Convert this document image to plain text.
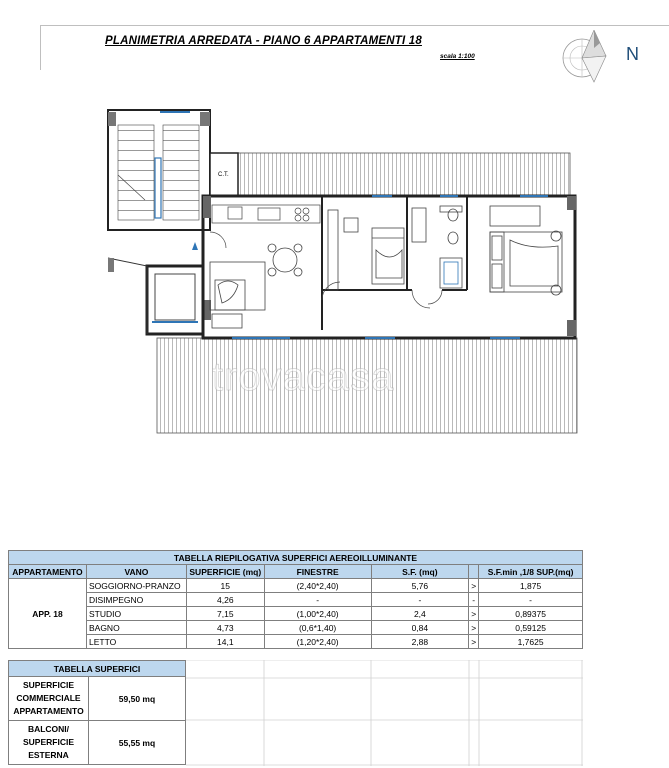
PLANIMETRIA ARREDATA - PIANO 6 APPARTAMENTI 18
scala 1:100	N
C.T.
trovacasa
TABELLA RIEPILOGATIVA SUPERFICI AEREOILLUMINANTE						
APPARTAMENTO	VANO	SUPERFICIE (mq)	FINESTRE	S.F. (mq)		S.F.min ,1/8 SUP.(mq)
APP. 18	SOGGIORNO-PRANZO	15	(2,40*2,40)	5,76	>	1,875
	DISIMPEGNO	4,26	-	-	-	-
	STUDIO	7,15	(1,00*2,40)	2,4	>	0,89375
	BAGNO	4,73	(0,6*1,40)	0,84	>	0,59125
	LETTO	14,1	(1,20*2,40)	2,88	>	1,7625
TABELLA SUPERFICI	
SUPERFICIE COMMERCIALE APPARTAMENTO	59,50 mq
BALCONI/ SUPERFICIE ESTERNA	55,55 mq
